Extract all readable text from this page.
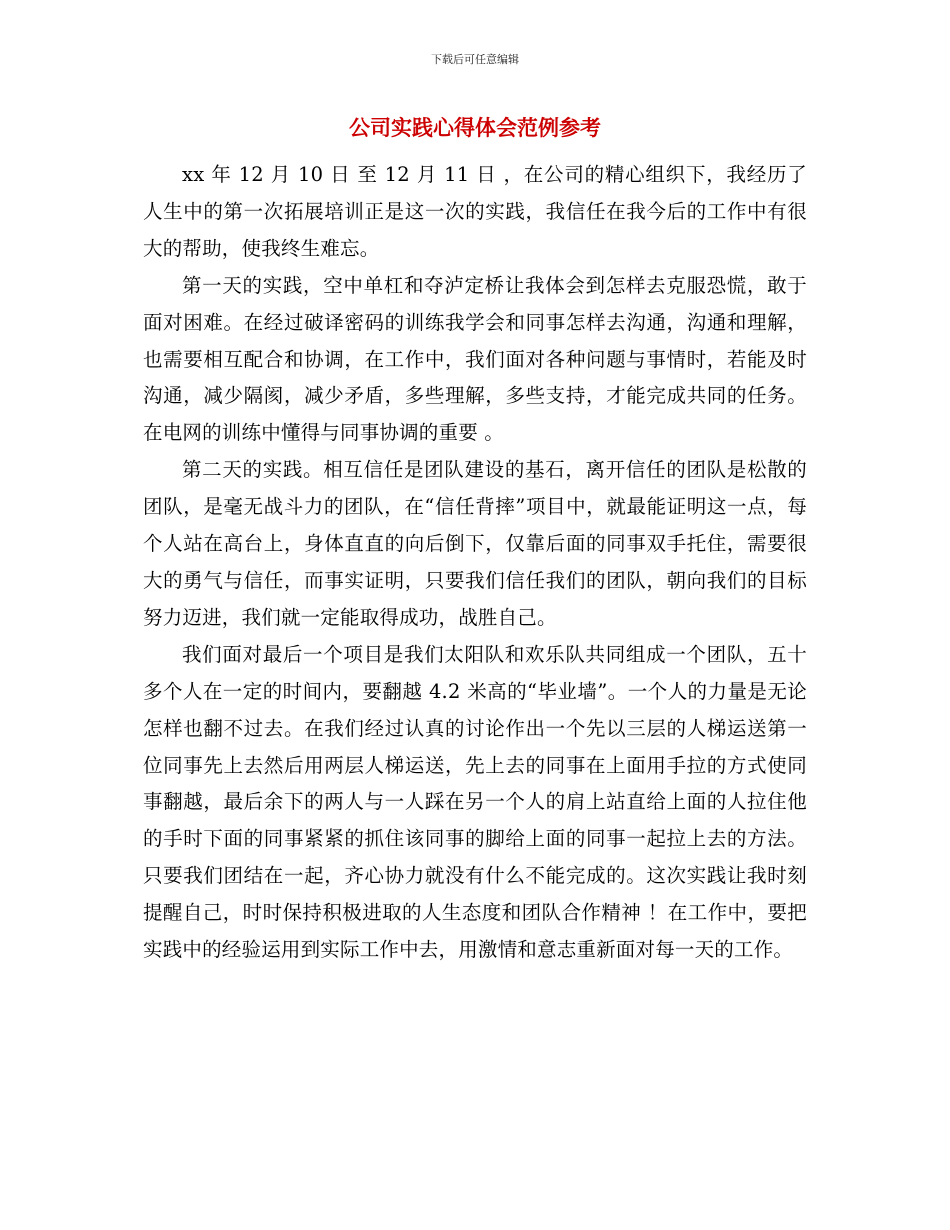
下载后可任意编辑
公司实践心得体会范例参考

xx 年 12 月 10 日 至 12 月 11 日 ，在公司的精心组织下，我经历了人生中的第一次拓展培训正是这一次的实践，我信任在我今后的工作中有很大的帮助，使我终生难忘。

第一天的实践，空中单杠和夺泸定桥让我体会到怎样去克服恐慌，敢于面对困难。在经过破译密码的训练我学会和同事怎样去沟通，沟通和理解，也需要相互配合和协调，在工作中，我们面对各种问题与事情时，若能及时沟通，减少隔阂，减少矛盾，多些理解，多些支持，才能完成共同的任务。在电网的训练中懂得与同事协调的重要 。

第二天的实践。相互信任是团队建设的基石，离开信任的团队是松散的团队，是毫无战斗力的团队，在“信任背摔”项目中，就最能证明这一点，每个人站在高台上，身体直直的向后倒下，仅靠后面的同事双手托住，需要很大的勇气与信任，而事实证明，只要我们信任我们的团队，朝向我们的目标努力迈进，我们就一定能取得成功，战胜自己。

我们面对最后一个项目是我们太阳队和欢乐队共同组成一个团队，五十多个人在一定的时间内，要翻越 4.2 米高的“毕业墙”。一个人的力量是无论怎样也翻不过去。在我们经过认真的讨论作出一个先以三层的人梯运送第一位同事先上去然后用两层人梯运送，先上去的同事在上面用手拉的方式使同事翻越，最后余下的两人与一人踩在另一个人的肩上站直给上面的人拉住他的手时下面的同事紧紧的抓住该同事的脚给上面的同事一起拉上去的方法。只要我们团结在一起，齐心协力就没有什么不能完成的。这次实践让我时刻提醒自己，时时保持积极进取的人生态度和团队合作精神 ！在工作中，要把实践中的经验运用到实际工作中去，用激情和意志重新面对每一天的工作。
